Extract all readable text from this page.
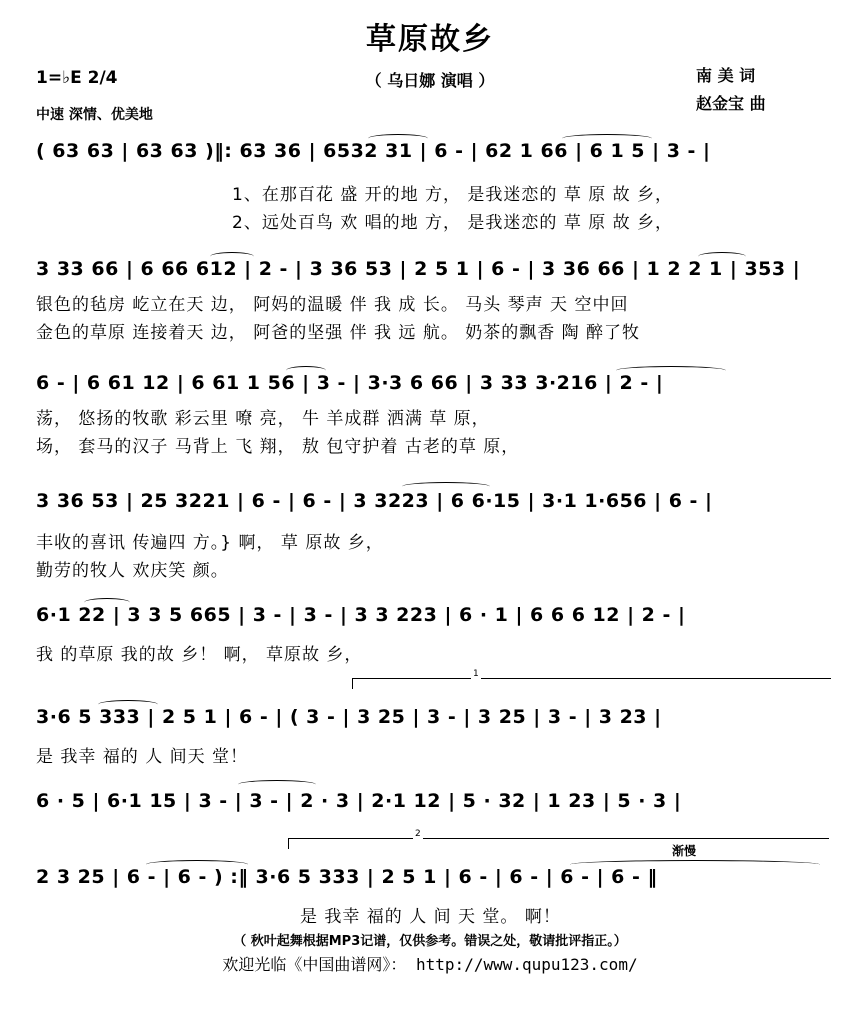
草原故乡
1=♭E 2/4	（ 乌日娜 演唱 ）
中速 深情、优美地
南 美 词
赵金宝 曲
( 63 63 | 63 63 )‖: 63 36 | 6532 31 | 6 - | 62 1 66 | 6 1 5 | 3 - |
1、在那百花 盛 开的地 方， 是我迷恋的 草 原 故 乡，
2、远处百鸟 欢 唱的地 方， 是我迷恋的 草 原 故 乡，
3 33 66 | 6 66 612 | 2 - | 3 36 53 | 2 5 1 | 6 - | 3 36 66 | 1 2 2 1 | 353 |
银色的毡房 屹立在天 边， 阿妈的温暖 伴 我 成 长。 马头 琴声 天 空中回
金色的草原 连接着天 边， 阿爸的坚强 伴 我 远 航。 奶茶的飘香 陶 醉了牧
6 - | 6 61 12 | 6 61 1 56 | 3 - | 3·3 6 66 | 3 33 3·216 | 2 - |
荡， 悠扬的牧歌 彩云里 嘹 亮， 牛 羊成群 洒满 草 原，
场， 套马的汉子 马背上 飞 翔， 敖 包守护着 古老的草 原，
3 36 53 | 25 3221 | 6 - | 6 - | 3 3223 | 6 6·15 | 3·1 1·656 | 6 - |
丰收的喜讯 传遍四 方。} 啊， 草 原故 乡，
勤劳的牧人 欢庆笑 颜。
6·1 22 | 3 3 5 665 | 3 - | 3 - | 3 3 223 | 6 · 1 | 6 6 6 12 | 2 - |
我 的草原 我的故 乡！ 啊， 草原故 乡，
1
3·6 5 333 | 2 5 1 | 6 - | ( 3 - | 3 25 | 3 - | 3 25 | 3 - | 3 23 |
是 我幸 福的 人 间天 堂！
6 · 5 | 6·1 15 | 3 - | 3 - | 2 · 3 | 2·1 12 | 5 · 32 | 1 23 | 5 · 3 |
2
渐慢
2 3 25 | 6 - | 6 - ) :‖ 3·6 5 333 | 2 5 1 | 6 - | 6 - | 6 - | 6 - ‖
是 我幸 福的 人 间 天 堂。 啊！
（ 秋叶起舞根据MP3记谱，仅供参考。错误之处，敬请批评指正。）
欢迎光临《中国曲谱网》： http://www.qupu123.com/
